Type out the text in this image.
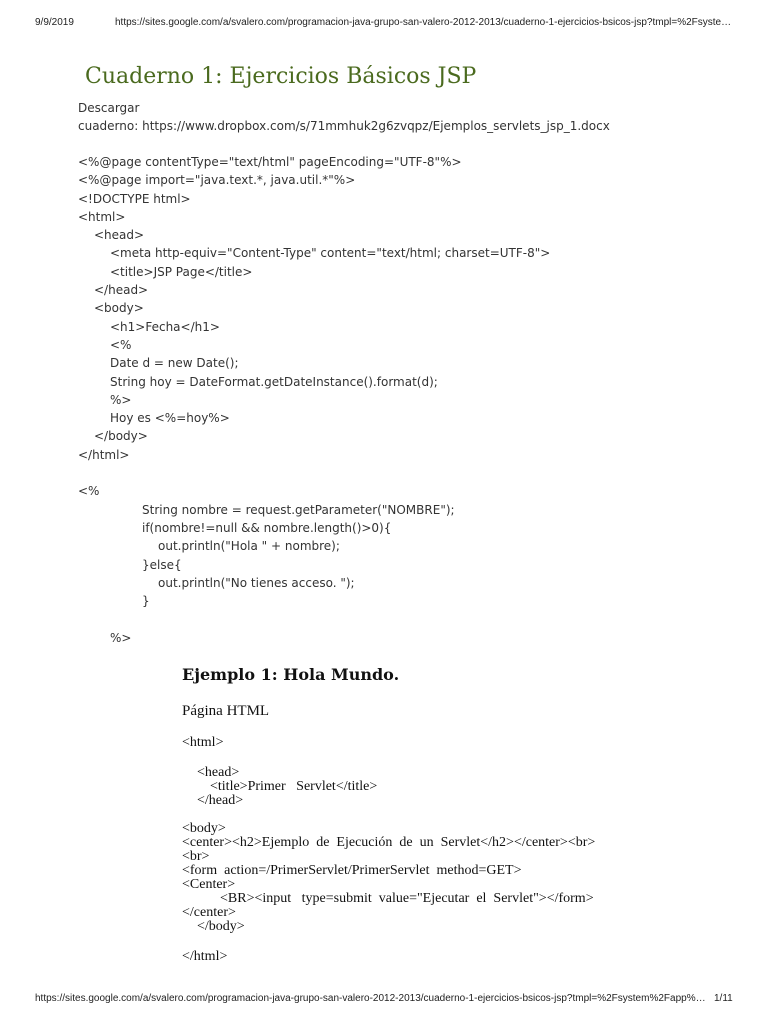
9/9/2019	https://sites.google.com/a/svalero.com/programacion-java-grupo-san-valero-2012-2013/cuaderno-1-ejercicios-bsicos-jsp?tmpl=%2Fsyste…
Cuaderno 1: Ejercicios Básicos JSP
Descargar
cuaderno: https://www.dropbox.com/s/71mmhuk2g6zvqpz/Ejemplos_servlets_jsp_1.docx
<%@page contentType="text/html" pageEncoding="UTF-8"%>
<%@page import="java.text.*, java.util.*"%>
<!DOCTYPE html>
<html>
<head>
<meta http-equiv="Content-Type" content="text/html; charset=UTF-8">
<title>JSP Page</title>
</head>
<body>
<h1>Fecha</h1>
<%
Date d = new Date();
String hoy = DateFormat.getDateInstance().format(d);
%>
Hoy es <%=hoy%>
</body>
</html>
<%
String nombre = request.getParameter("NOMBRE");
if(nombre!=null && nombre.length()>0){
out.println("Hola " + nombre);
}else{
out.println("No tienes acceso. ");
}
%>
Ejemplo 1: Hola Mundo.
Página HTML
<html>
<head>
<title>Primer   Servlet</title>
</head>
<body>
<center><h2>Ejemplo  de  Ejecución  de  un  Servlet</h2></center><br>
<br>
<form  action=/PrimerServlet/PrimerServlet  method=GET>
<Center>
<BR><input   type=submit  value="Ejecutar  el  Servlet"></form>
</center>
</body>
</html>
https://sites.google.com/a/svalero.com/programacion-java-grupo-san-valero-2012-2013/cuaderno-1-ejercicios-bsicos-jsp?tmpl=%2Fsystem%2Fapp%… 1/11
